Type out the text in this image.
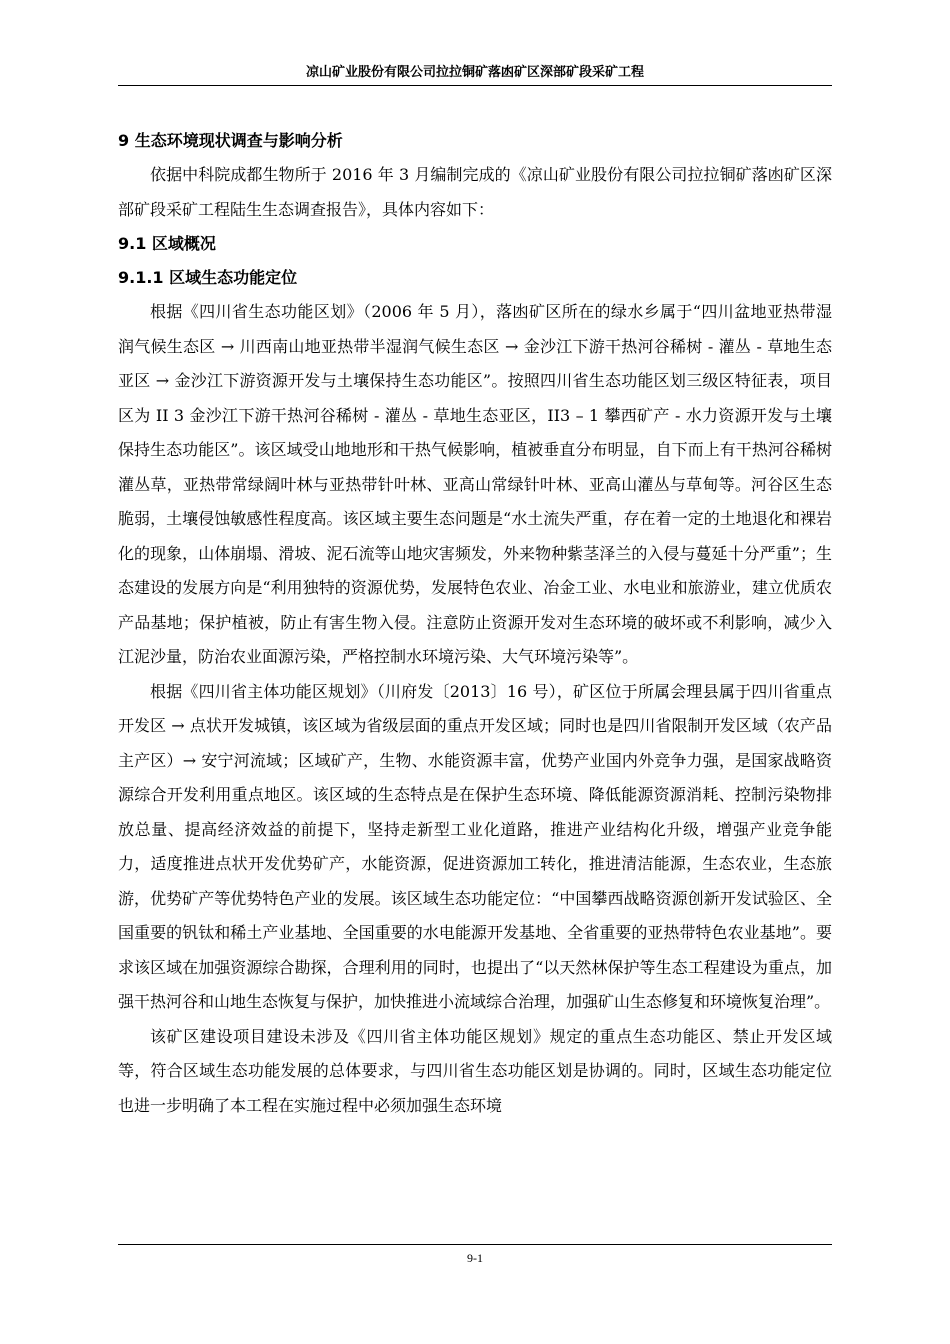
凉山矿业股份有限公司拉拉铜矿落凼矿区深部矿段采矿工程
9 生态环境现状调查与影响分析

依据中科院成都生物所于 2016 年 3 月编制完成的《凉山矿业股份有限公司拉拉铜矿落凼矿区深部矿段采矿工程陆生生态调查报告》，具体内容如下：

9.1 区域概况
9.1.1 区域生态功能定位

根据《四川省生态功能区划》（2006 年 5 月），落凼矿区所在的绿水乡属于“四川盆地亚热带湿润气候生态区 → 川西南山地亚热带半湿润气候生态区 → 金沙江下游干热河谷稀树 - 灌丛 - 草地生态亚区 → 金沙江下游资源开发与土壤保持生态功能区”。按照四川省生态功能区划三级区特征表，项目区为 II 3 金沙江下游干热河谷稀树 - 灌丛 - 草地生态亚区，II3 – 1 攀西矿产 - 水力资源开发与土壤保持生态功能区”。该区域受山地地形和干热气候影响，植被垂直分布明显，自下而上有干热河谷稀树灌丛草，亚热带常绿阔叶林与亚热带针叶林、亚高山常绿针叶林、亚高山灌丛与草甸等。河谷区生态脆弱，土壤侵蚀敏感性程度高。该区域主要生态问题是“水土流失严重，存在着一定的土地退化和裸岩化的现象，山体崩塌、滑坡、泥石流等山地灾害频发，外来物种紫茎泽兰的入侵与蔓延十分严重”；生态建设的发展方向是“利用独特的资源优势，发展特色农业、冶金工业、水电业和旅游业，建立优质农产品基地；保护植被，防止有害生物入侵。注意防止资源开发对生态环境的破坏或不利影响，减少入江泥沙量，防治农业面源污染，严格控制水环境污染、大气环境污染等”。

根据《四川省主体功能区规划》（川府发〔2013〕16 号），矿区位于所属会理县属于四川省重点开发区 → 点状开发城镇，该区域为省级层面的重点开发区域；同时也是四川省限制开发区域（农产品主产区）→ 安宁河流域；区域矿产，生物、水能资源丰富，优势产业国内外竞争力强，是国家战略资源综合开发利用重点地区。该区域的生态特点是在保护生态环境、降低能源资源消耗、控制污染物排放总量、提高经济效益的前提下，坚持走新型工业化道路，推进产业结构化升级，增强产业竞争能力，适度推进点状开发优势矿产，水能资源，促进资源加工转化，推进清洁能源，生态农业，生态旅游，优势矿产等优势特色产业的发展。该区域生态功能定位：“中国攀西战略资源创新开发试验区、全国重要的钒钛和稀土产业基地、全国重要的水电能源开发基地、全省重要的亚热带特色农业基地”。要求该区域在加强资源综合勘探，合理利用的同时，也提出了“以天然林保护等生态工程建设为重点，加强干热河谷和山地生态恢复与保护，加快推进小流域综合治理，加强矿山生态修复和环境恢复治理”。

该矿区建设项目建设未涉及《四川省主体功能区规划》规定的重点生态功能区、禁止开发区域等，符合区域生态功能发展的总体要求，与四川省生态功能区划是协调的。同时，区域生态功能定位也进一步明确了本工程在实施过程中必须加强生态环境

9-1
